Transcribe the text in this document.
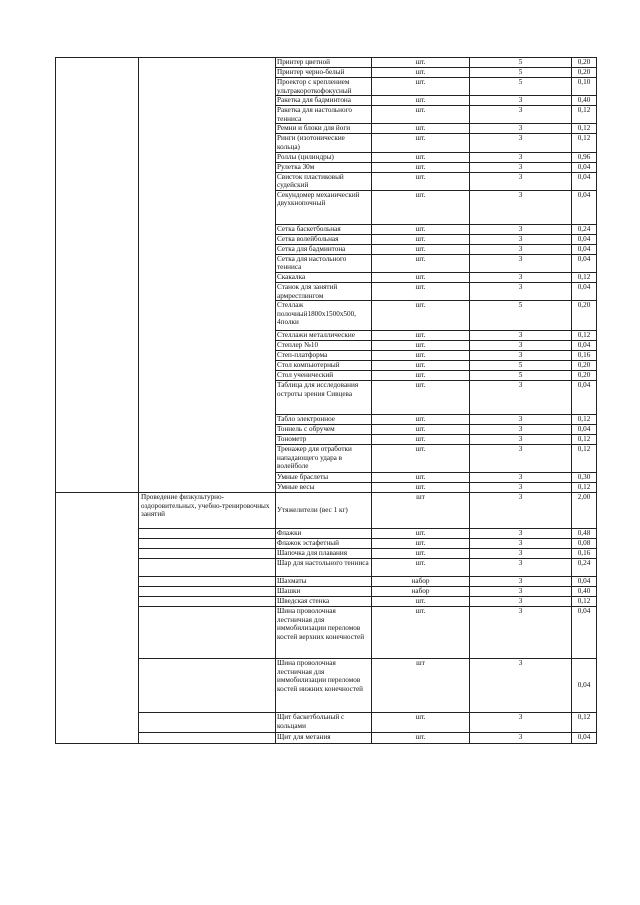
		Принтер цветной	шт.	5	0,20	
		Принтер черно-белый	шт.	5	0,20	
		Проектор с креплением ультракороткофокусный	шт.	5	0,10	
		Ракетка для бадминтона	шт.	3	0,40	
		Ракетка для настольного тенниса	шт.	3	0,12	
		Ремни и блоки для йоги	шт.	3	0,12	
		Ринги (изотонические кольца)	шт.	3	0,12	
		Роллы (цилиндры)	шт.	3	0,96	
		Рулетка 30м	шт.	3	0,04	
		Свисток пластиковый судейский	шт.	3	0,04	
		Секундомер механический двухкнопочный	шт.	3	0,04	
		Сетка баскетбольная	шт.	3	0,24	
		Сетка волейбольная	шт.	3	0,04	
		Сетка для бадминтона	шт.	3	0,04	
		Сетка для настольного тенниса	шт.	3	0,04	
		Скакалка	шт.	3	0,12	
		Станок для занятий армрестлингом	шт.	3	0,04	
		Стеллаж полочный1800х1500х500, 4полки	шт.	5	0,20	
		Стеллажи металлические	шт.	3	0,12	
		Степлер №10	шт.	3	0,04	
		Степ-платформа	шт.	3	0,16	
		Стол компьютерный	шт.	5	0,20	
		Стол ученический	шт.	5	0,20	
		Таблица для исследования остроты зрения Сивцева	шт.	3	0,04	
		Табло электронное	шт.	3	0,12	
		Тоннель с обручем	шт.	3	0,04	
		Тонометр	шт.	3	0,12	
		Тренажер для отработки нападающего удара в волейболе	шт.	3	0,12	
		Умные браслеты	шт.	3	0,30	
		Умные весы	шт.	3	0,12	
	Проведение физкультурно-оздоровительных, учебно-тренировочных занятий	Утяжелители (вес 1 кг)	шт	3	2,00	
		Флажки	шт.	3	0,48	
		Флажок эстафетный	шт.	3	0,08	
		Шапочка для плавания	шт.	3	0,16	
		Шар для настольного тенниса	шт.	3	0,24	
		Шахматы	набор	3	0,04	
		Шашки	набор	3	0,40	
		Шведская стенка	шт.	3	0,12	
		Шина проволочная лестничная для иммобилизации переломов костей верхних конечностей	шт.	3	0,04	
		Шина проволочная лестничная для иммобилизации переломов костей нижних конечностей	шт	3	0,04	
		Щит баскетбольный с кольцами	шт.	3	0,12	
		Щит для метания	шт.	3	0,04	
